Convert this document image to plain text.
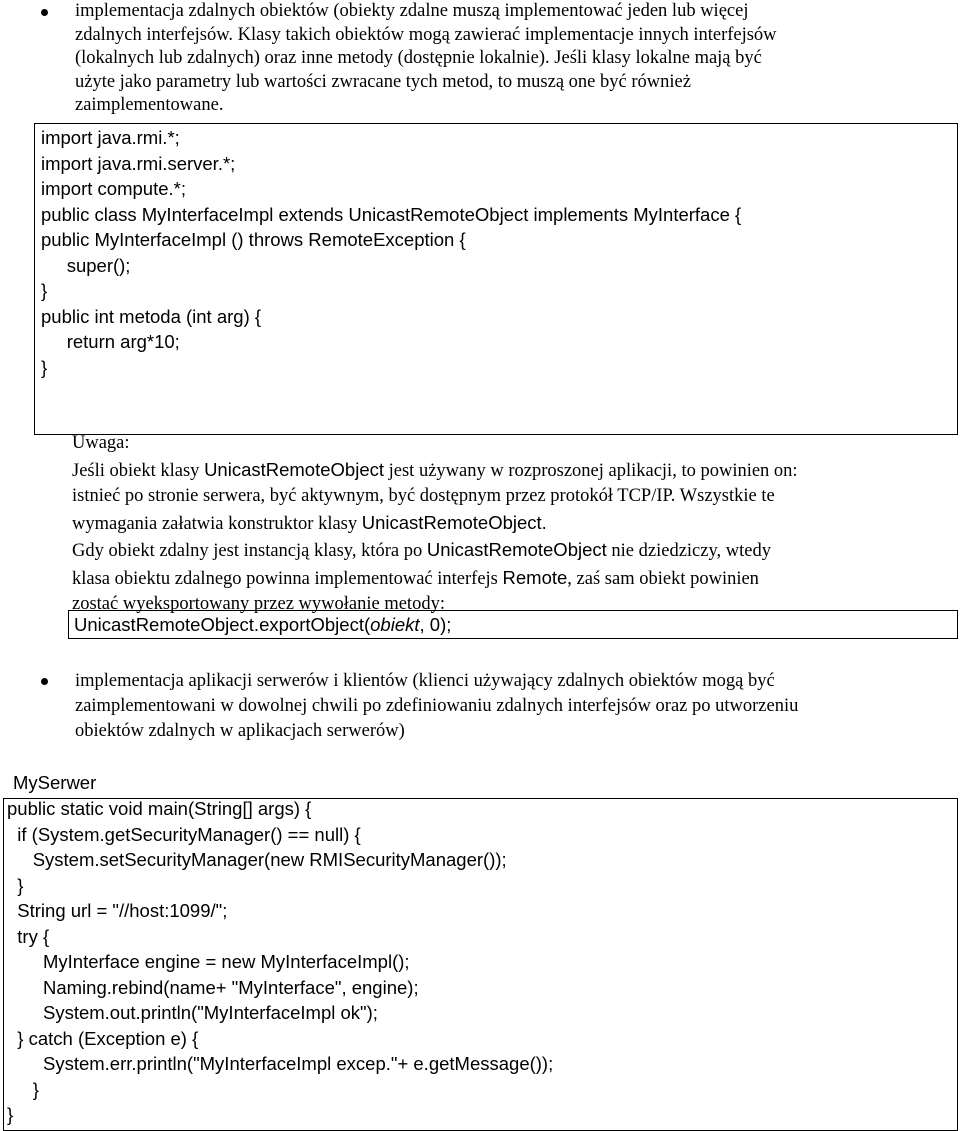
implementacja zdalnych obiektów (obiekty zdalne muszą implementować jeden lub więcej
zdalnych interfejsów. Klasy takich obiektów mogą zawierać implementacje innych interfejsów
(lokalnych lub zdalnych) oraz inne metody (dostępnie lokalnie). Jeśli klasy lokalne mają być
użyte jako parametry lub wartości zwracane tych metod, to muszą one być również
zaimplementowane.
import java.rmi.*;
import java.rmi.server.*;
import compute.*;
public class MyInterfaceImpl extends UnicastRemoteObject implements MyInterface {
public MyInterfaceImpl () throws RemoteException {
super();
}
public int metoda (int arg) {
return arg*10;
}
Uwaga:
Jeśli obiekt klasy UnicastRemoteObject jest używany w rozproszonej aplikacji, to powinien on:
istnieć po stronie serwera, być aktywnym, być dostępnym przez protokół TCP/IP. Wszystkie te
wymagania załatwia konstruktor klasy UnicastRemoteObject.
Gdy obiekt zdalny jest instancją klasy, która po UnicastRemoteObject nie dziedziczy, wtedy
klasa obiektu zdalnego powinna implementować interfejs Remote, zaś sam obiekt powinien
zostać wyeksportowany przez wywołanie metody:
UnicastRemoteObject.exportObject(obiekt, 0);
implementacja aplikacji serwerów i klientów (klienci używający zdalnych obiektów mogą być
zaimplementowani w dowolnej chwili po zdefiniowaniu zdalnych interfejsów oraz po utworzeniu
obiektów zdalnych w aplikacjach serwerów)
MySerwer
public static void main(String[] args) {
if (System.getSecurityManager() == null) {
System.setSecurityManager(new RMISecurityManager());
}
String url = "//host:1099/";
try {
MyInterface engine = new MyInterfaceImpl();
Naming.rebind(name+ "MyInterface", engine);
System.out.println("MyInterfaceImpl ok");
} catch (Exception e) {
System.err.println("MyInterfaceImpl excep."+ e.getMessage());
}
}
